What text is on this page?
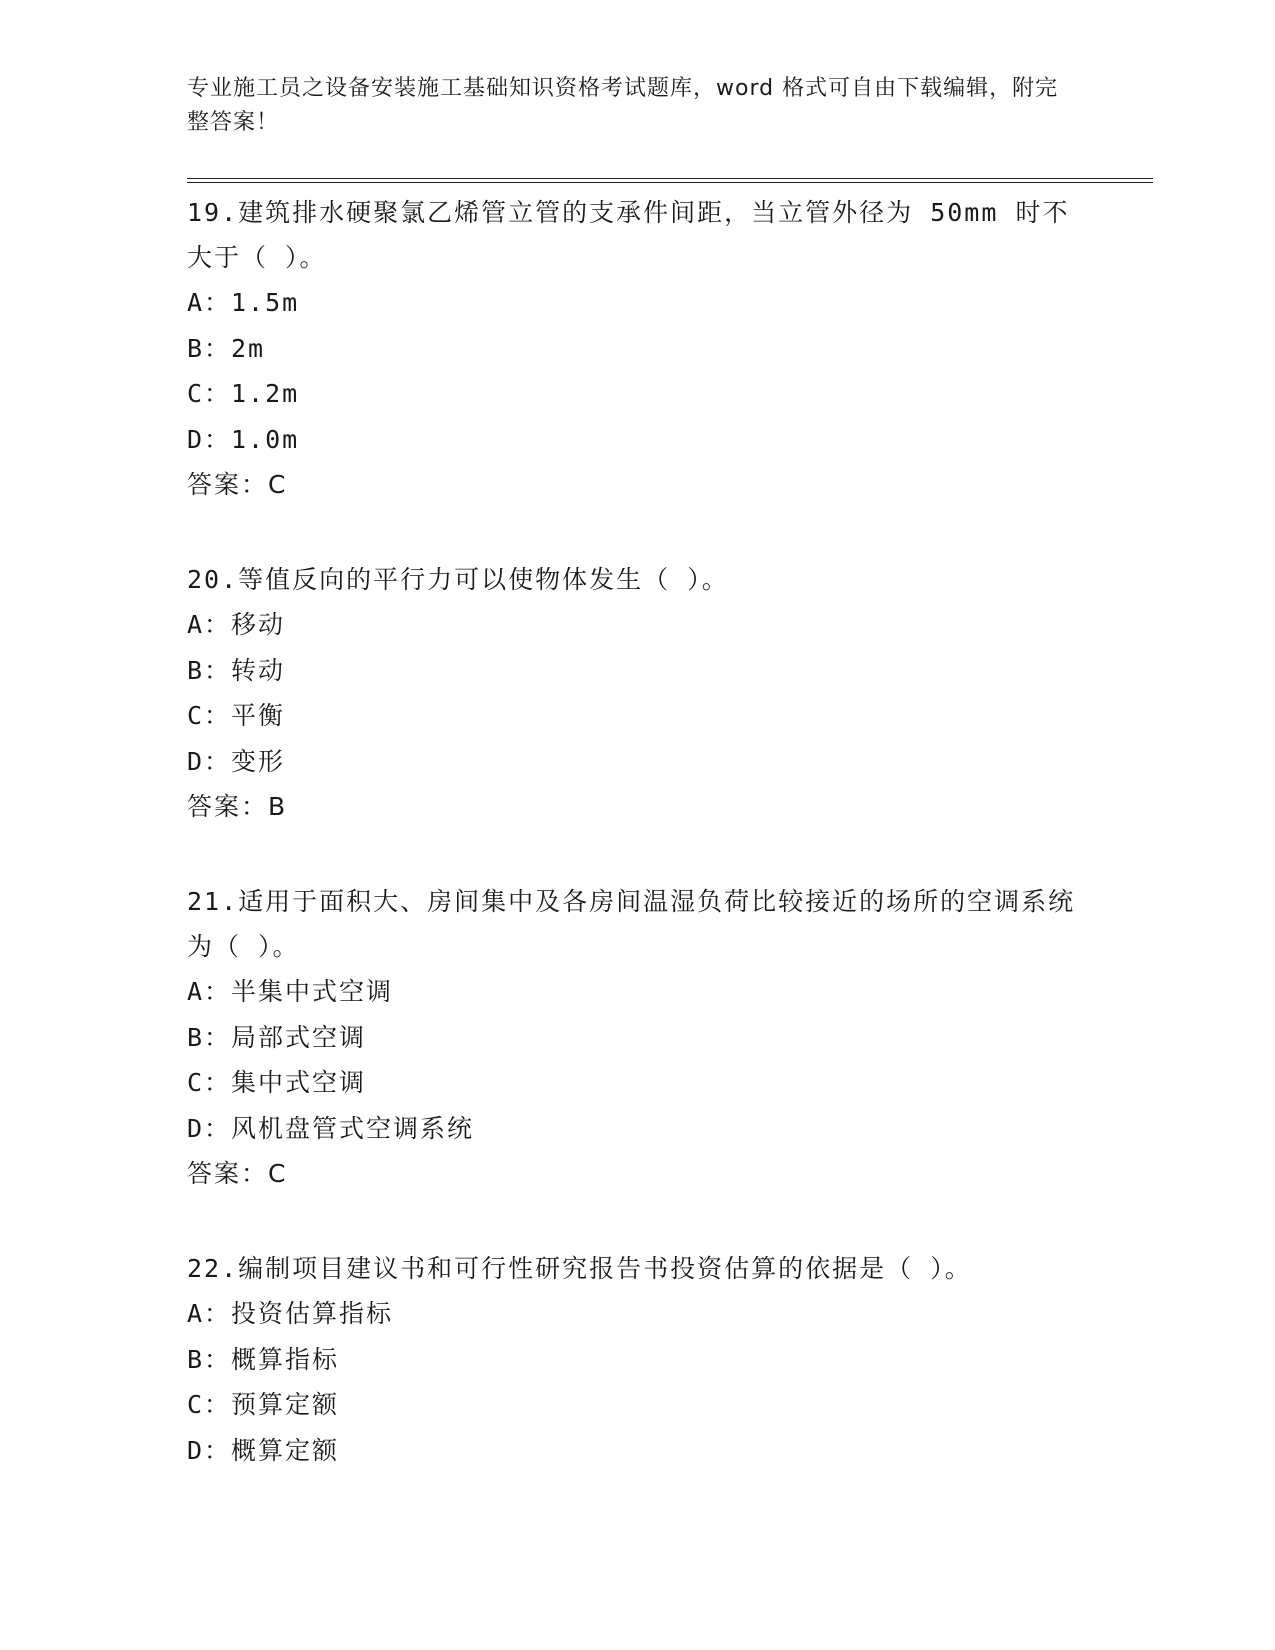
专业施工员之设备安装施工基础知识资格考试题库，word 格式可自由下载编辑，附完整答案！

19.建筑排水硬聚氯乙烯管立管的支承件间距，当立管外径为 50mm 时不大于（ ）。

A：1.5m

B：2m

C：1.2m

D：1.0m

答案：C

20.等值反向的平行力可以使物体发生（ ）。

A：移动

B：转动

C：平衡

D：变形

答案：B

21.适用于面积大、房间集中及各房间温湿负荷比较接近的场所的空调系统为（ ）。

A：半集中式空调

B：局部式空调

C：集中式空调

D：风机盘管式空调系统

答案：C

22.编制项目建议书和可行性研究报告书投资估算的依据是（ ）。

A：投资估算指标

B：概算指标

C：预算定额

D：概算定额
